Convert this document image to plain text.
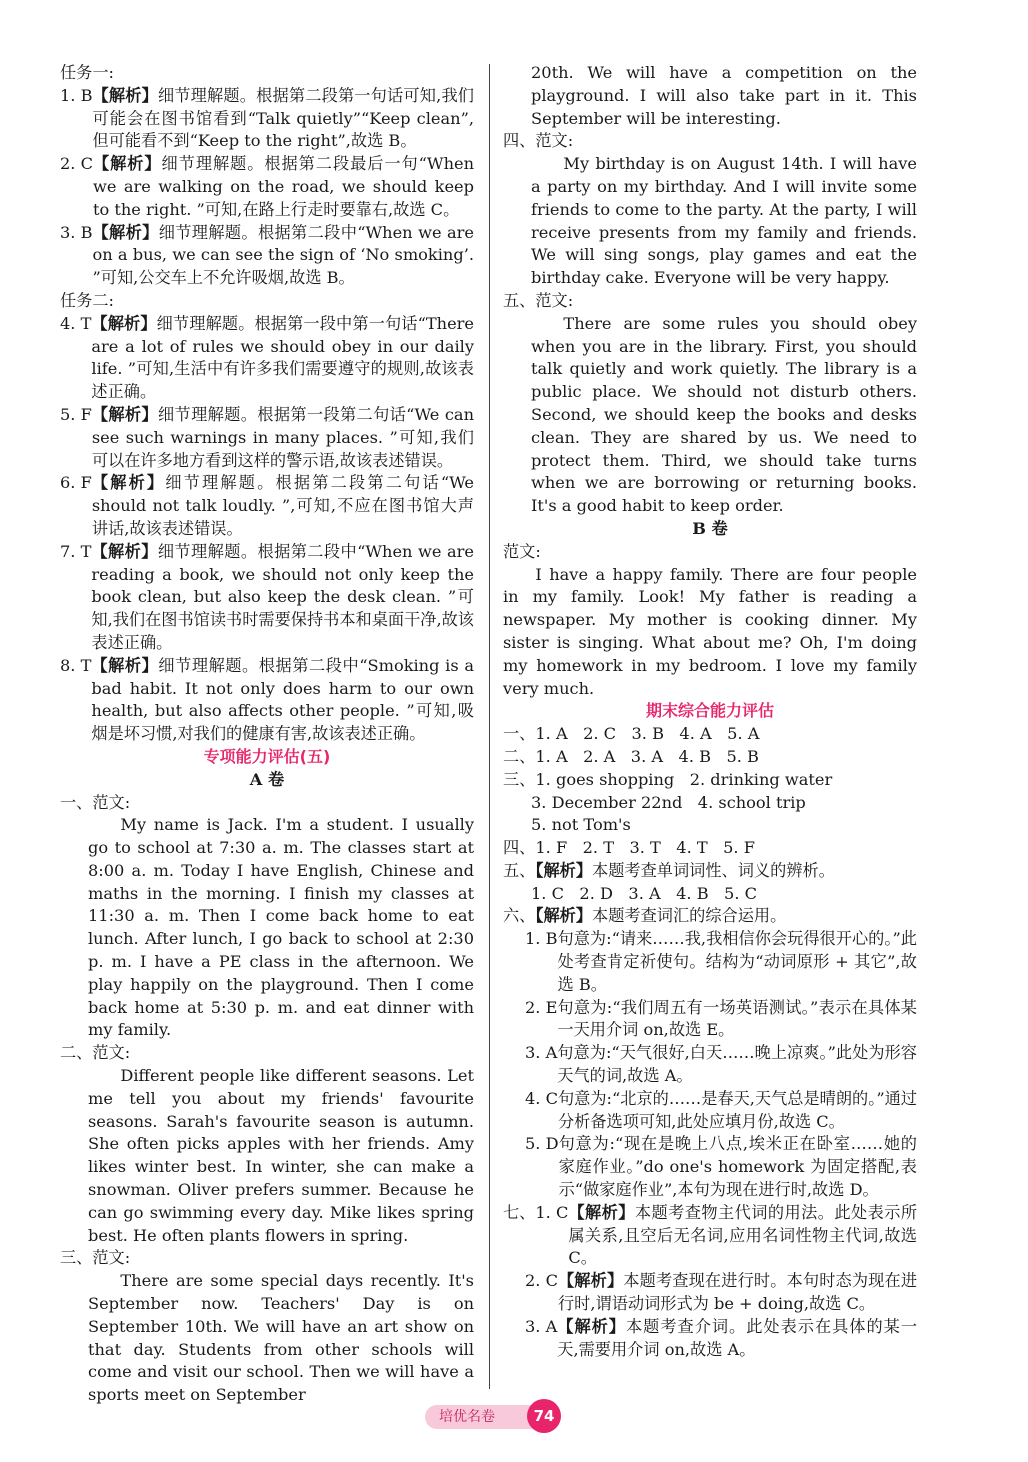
任务一:
1. B 【解析】细节理解题。根据第二段第一句话可知,我们可能会在图书馆看到“Talk quietly”“Keep clean”,但可能看不到“Keep to the right”,故选 B。
2. C 【解析】细节理解题。根据第二段最后一句“When we are walking on the road, we should keep to the right. ”可知,在路上行走时要靠右,故选 C。
3. B 【解析】细节理解题。根据第二段中“When we are on a bus, we can see the sign of ‘No smoking’. ”可知,公交车上不允许吸烟,故选 B。
任务二:
4. T 【解析】细节理解题。根据第一段中第一句话“There are a lot of rules we should obey in our daily life. ”可知,生活中有许多我们需要遵守的规则,故该表述正确。
5. F 【解析】细节理解题。根据第一段第二句话“We can see such warnings in many places. ”可知,我们可以在许多地方看到这样的警示语,故该表述错误。
6. F 【解析】细节理解题。根据第二段第二句话“We should not talk loudly. ”,可知,不应在图书馆大声讲话,故该表述错误。
7. T 【解析】细节理解题。根据第二段中“When we are reading a book, we should not only keep the book clean, but also keep the desk clean. ”可知,我们在图书馆读书时需要保持书本和桌面干净,故该表述正确。
8. T 【解析】细节理解题。根据第二段中“Smoking is a bad habit. It not only does harm to our own health, but also affects other people. ”可知,吸烟是坏习惯,对我们的健康有害,故该表述正确。
专项能力评估(五)
A 卷
一、范文:
My name is Jack. I'm a student. I usually go to school at 7:30 a. m. The classes start at 8:00 a. m. Today I have English, Chinese and maths in the morning. I finish my classes at 11:30 a. m. Then I come back home to eat lunch. After lunch, I go back to school at 2:30 p. m. I have a PE class in the afternoon. We play happily on the playground. Then I come back home at 5:30 p. m. and eat dinner with my family.
二、范文:
Different people like different seasons. Let me tell you about my friends' favourite seasons. Sarah's favourite season is autumn. She often picks apples with her friends. Amy likes winter best. In winter, she can make a snowman. Oliver prefers summer. Because he can go swimming every day. Mike likes spring best. He often plants flowers in spring.
三、范文:
There are some special days recently. It's September now. Teachers' Day is on September 10th. We will have an art show on that day. Students from other schools will come and visit our school. Then we will have a sports meet on September
20th. We will have a competition on the playground. I will also take part in it. This September will be interesting.
四、范文:
My birthday is on August 14th. I will have a party on my birthday. And I will invite some friends to come to the party. At the party, I will receive presents from my family and friends. We will sing songs, play games and eat the birthday cake. Everyone will be very happy.
五、范文:
There are some rules you should obey when you are in the library. First, you should talk quietly and work quietly. The library is a public place. We should not disturb others. Second, we should keep the books and desks clean. They are shared by us. We need to protect them. Third, we should take turns when we are borrowing or returning books. It's a good habit to keep order.
B 卷
范文:
I have a happy family. There are four people in my family. Look! My father is reading a newspaper. My mother is cooking dinner. My sister is singing. What about me? Oh, I'm doing my homework in my bedroom. I love my family very much.
期末综合能力评估
一、1. A   2. C   3. B   4. A   5. A
二、1. A   2. A   3. A   4. B   5. B
三、1. goes shopping   2. drinking water
3. December 22nd   4. school trip
5. not Tom's
四、1. F   2. T   3. T   4. T   5. F
五、【解析】本题考查单词词性、词义的辨析。
1. C   2. D   3. A   4. B   5. C
六、【解析】本题考查词汇的综合运用。
1. B 句意为:“请来……我,我相信你会玩得很开心的。”此处考查肯定祈使句。结构为“动词原形 + 其它”,故选 B。
2. E 句意为:“我们周五有一场英语测试。”表示在具体某一天用介词 on,故选 E。
3. A 句意为:“天气很好,白天……晚上凉爽。”此处为形容天气的词,故选 A。
4. C 句意为:“北京的……是春天,天气总是晴朗的。”通过分析备选项可知,此处应填月份,故选 C。
5. D 句意为:“现在是晚上八点,埃米正在卧室……她的家庭作业。”do one's homework 为固定搭配,表示“做家庭作业”,本句为现在进行时,故选 D。
七、1. C 【解析】本题考查物主代词的用法。此处表示所属关系,且空后无名词,应用名词性物主代词,故选 C。
2. C 【解析】本题考查现在进行时。本句时态为现在进行时,谓语动词形式为 be + doing,故选 C。
3. A 【解析】本题考查介词。此处表示在具体的某一天,需要用介词 on,故选 A。
培优名卷	74
